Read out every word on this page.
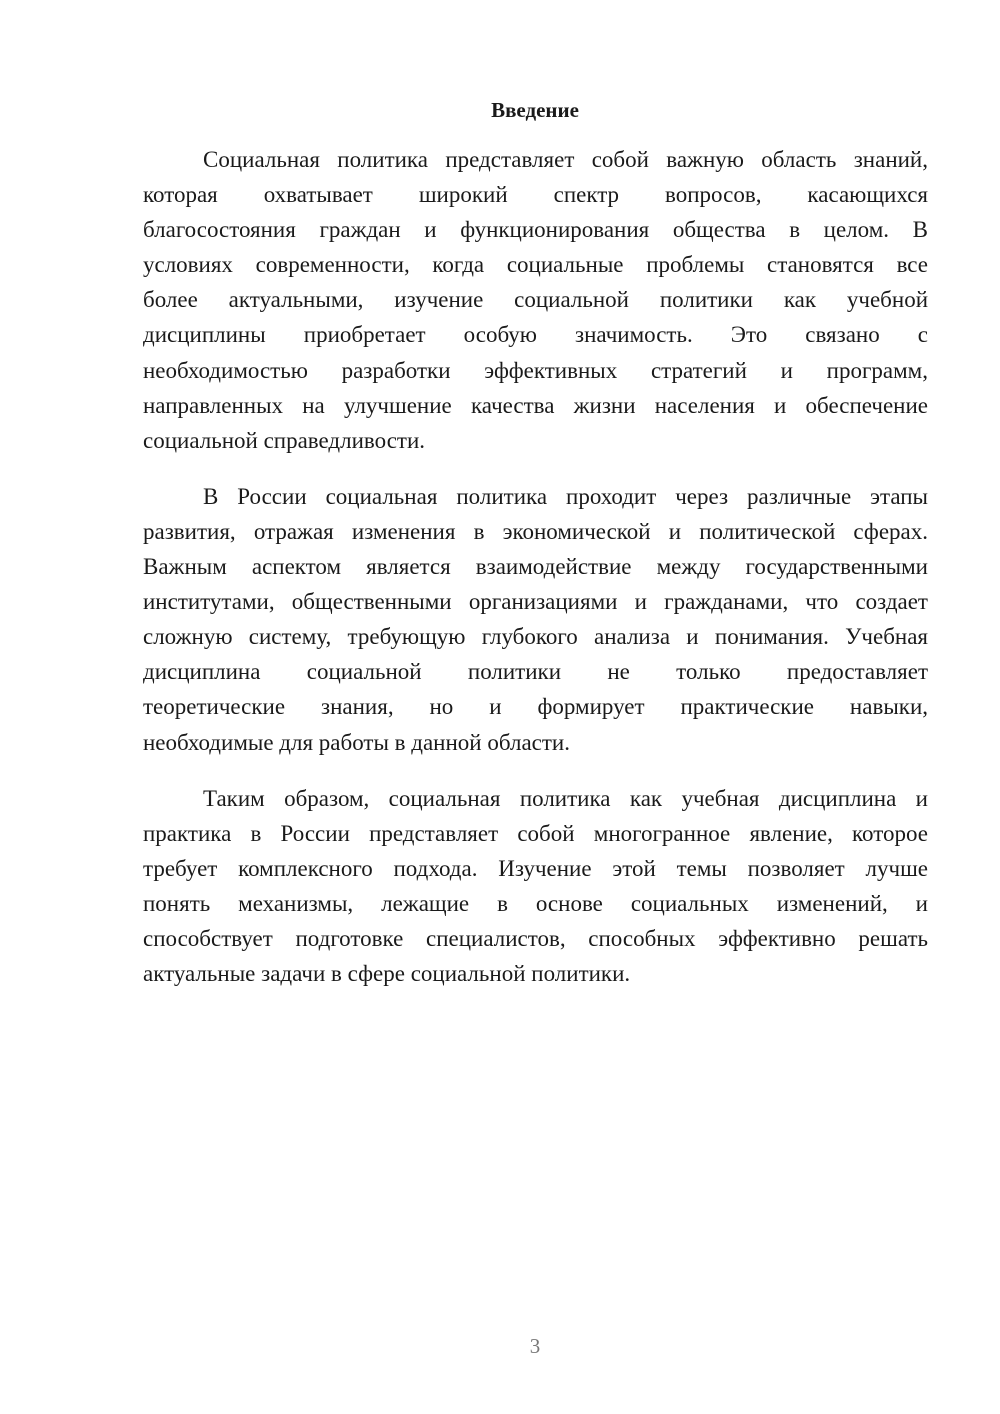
Введение
Социальная политика представляет собой важную область знаний,
которая охватывает широкий спектр вопросов, касающихся
благосостояния граждан и функционирования общества в целом. В
условиях современности, когда социальные проблемы становятся все
более актуальными, изучение социальной политики как учебной
дисциплины приобретает особую значимость. Это связано с
необходимостью разработки эффективных стратегий и программ,
направленных на улучшение качества жизни населения и обеспечение
социальной справедливости.
В России социальная политика проходит через различные этапы
развития, отражая изменения в экономической и политической сферах.
Важным аспектом является взаимодействие между государственными
институтами, общественными организациями и гражданами, что создает
сложную систему, требующую глубокого анализа и понимания. Учебная
дисциплина социальной политики не только предоставляет
теоретические знания, но и формирует практические навыки,
необходимые для работы в данной области.
Таким образом, социальная политика как учебная дисциплина и
практика в России представляет собой многогранное явление, которое
требует комплексного подхода. Изучение этой темы позволяет лучше
понять механизмы, лежащие в основе социальных изменений, и
способствует подготовке специалистов, способных эффективно решать
актуальные задачи в сфере социальной политики.
3
